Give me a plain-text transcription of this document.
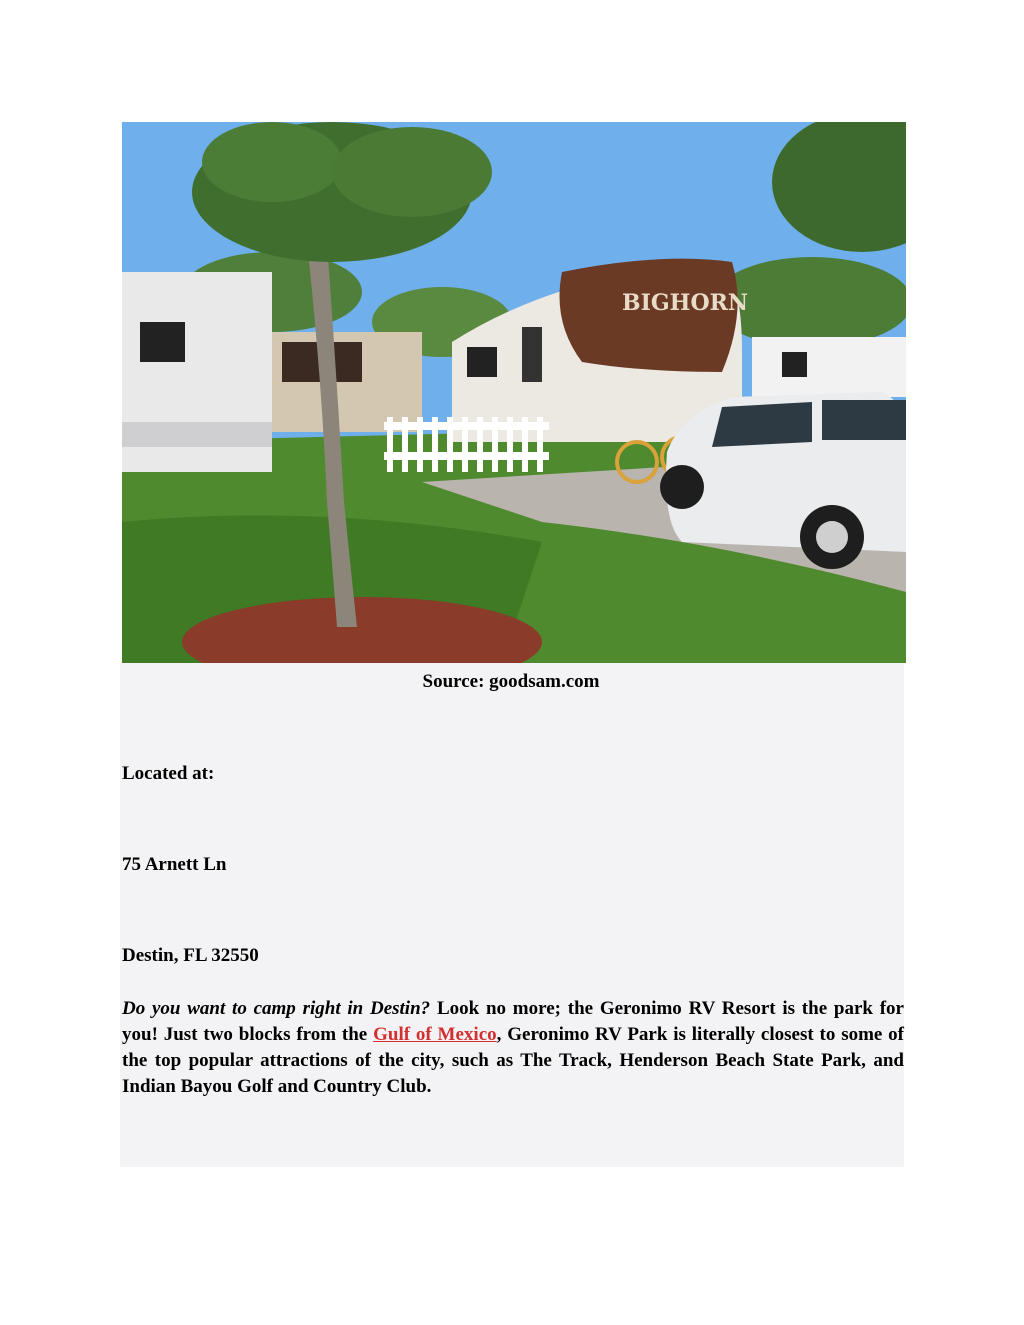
BIGHORN
Source: goodsam.com
Located at:
75 Arnett Ln
Destin, FL 32550
Do you want to camp right in Destin? Look no more; the Geronimo RV Resort is the park for you! Just two blocks from the Gulf of Mexico, Geronimo RV Park is literally closest to some of the top popular attractions of the city, such as The Track, Henderson Beach State Park, and Indian Bayou Golf and Country Club.
